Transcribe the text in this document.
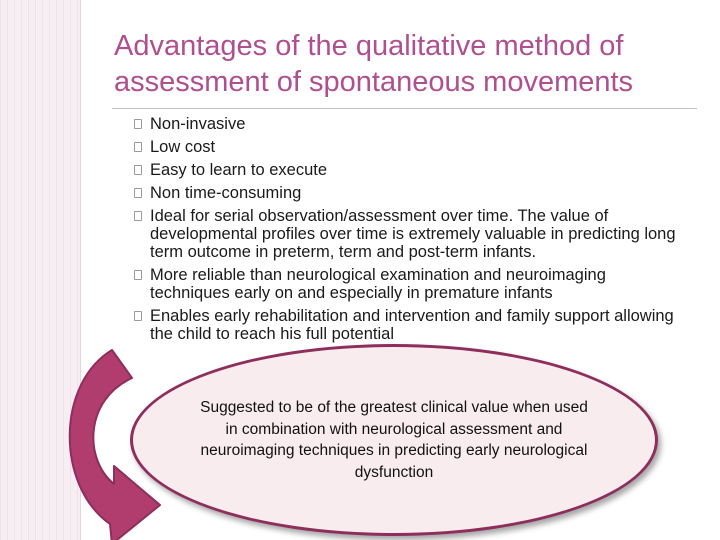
Advantages of the qualitative method of assessment of spontaneous movements
Non-invasive
Low cost
Easy to learn to execute
Non time-consuming
Ideal for serial observation/assessment over time. The value of developmental profiles over time is extremely valuable in predicting long term outcome in preterm, term and post-term infants.
More reliable than neurological examination and neuroimaging techniques early on and especially in premature infants
Enables early rehabilitation and intervention and family support allowing the child to reach his full potential

Suggested to be of the greatest clinical value when used in combination with neurological assessment and neuroimaging techniques in predicting early neurological dysfunction
